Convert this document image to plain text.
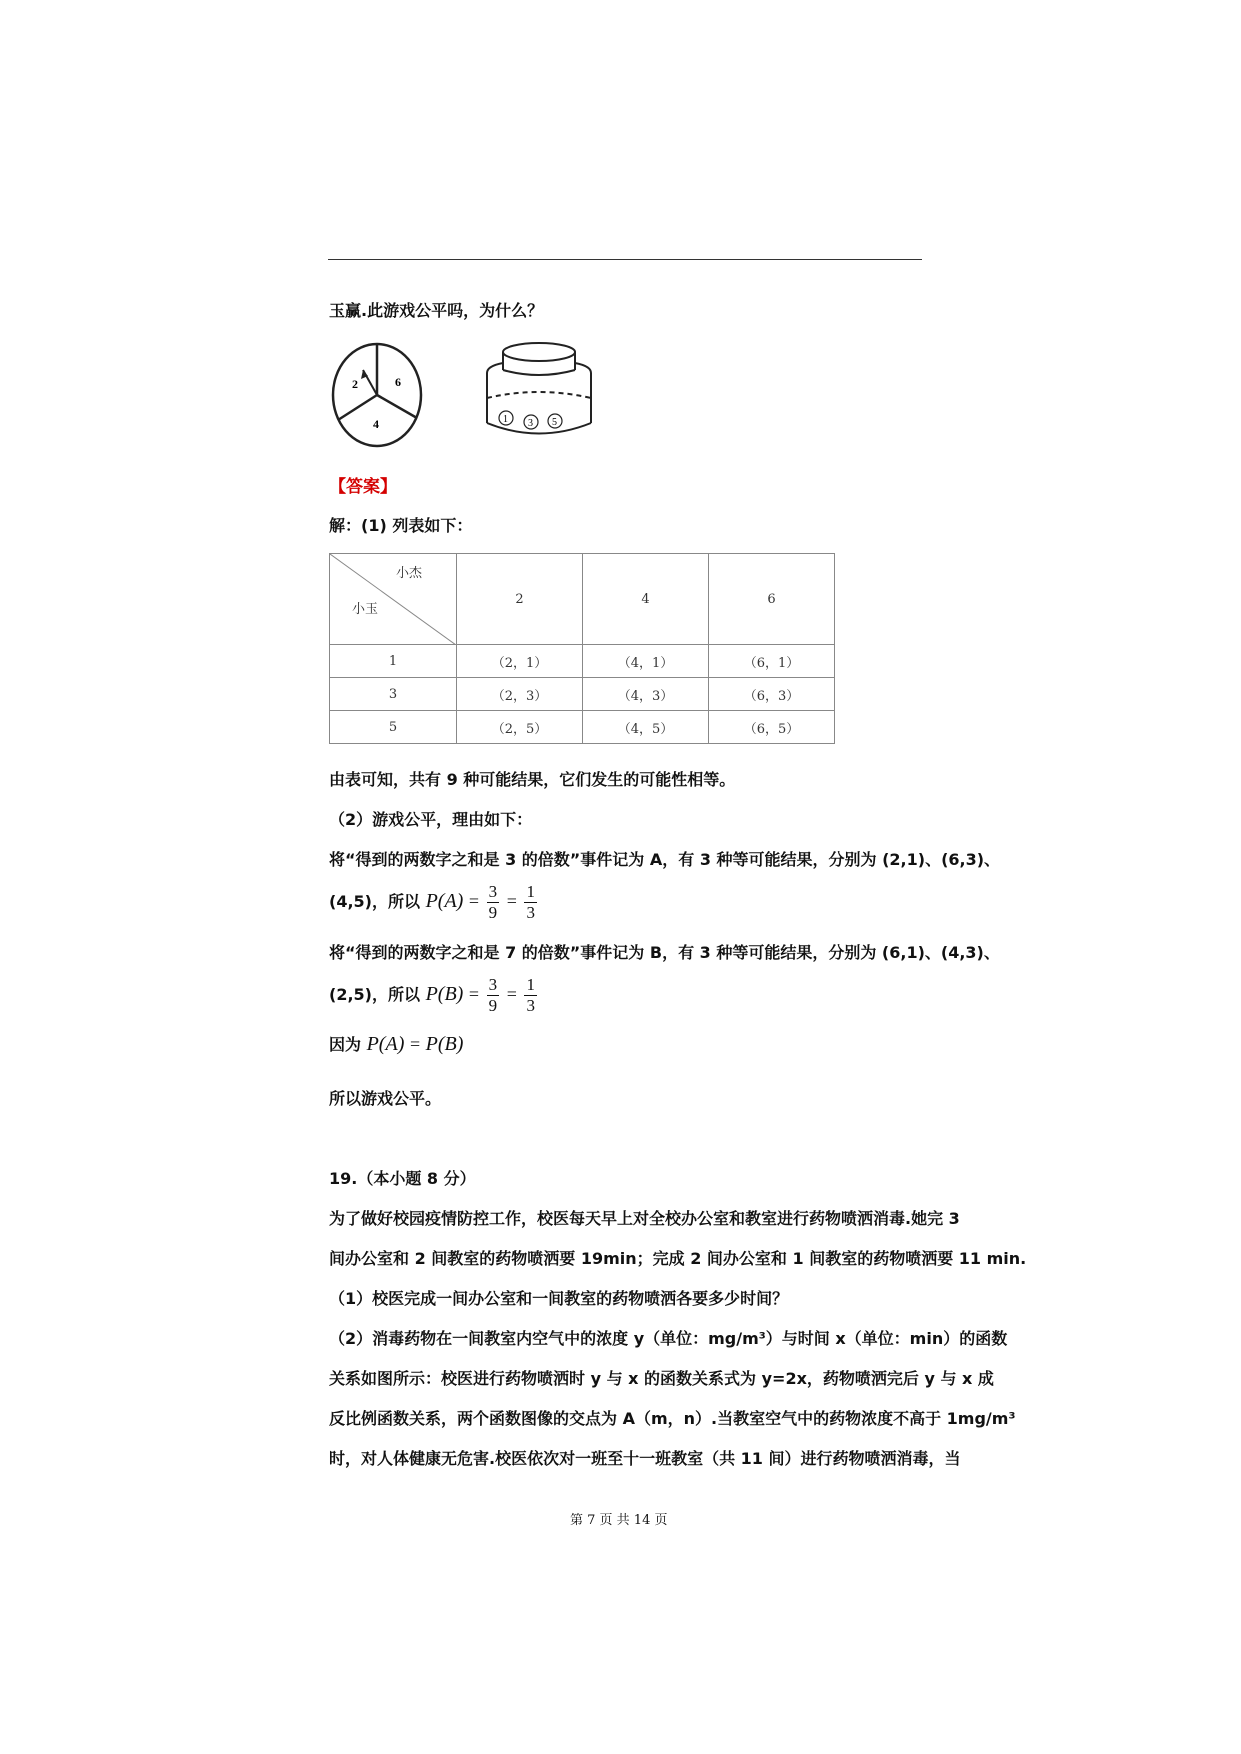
玉赢.此游戏公平吗，为什么？
2	6
4	1 3 5
【答案】
解：(1) 列表如下：
小杰
小玉	2	4	6
1	（2，1）	（4，1）	（6，1）
3	（2，3）	（4，3）	（6，3）
5	（2，5）	（4，5）	（6，5）
由表可知，共有 9 种可能结果，它们发生的可能性相等。
（2）游戏公平，理由如下：
将“得到的两数字之和是 3 的倍数”事件记为 A，有 3 种等可能结果，分别为 (2,1)、(6,3)、
(4,5)，所以 $P(A) = \frac{3}{9} = \frac{1}{3}$
将“得到的两数字之和是 7 的倍数”事件记为 B，有 3 种等可能结果，分别为 (6,1)、(4,3)、
(2,5)，所以 $P(B) = \frac{3}{9} = \frac{1}{3}$
因为 P(A) = P(B)
所以游戏公平。
19.（本小题 8 分）
为了做好校园疫情防控工作，校医每天早上对全校办公室和教室进行药物喷洒消毒.她完 3
间办公室和 2 间教室的药物喷洒要 19min；完成 2 间办公室和 1 间教室的药物喷洒要 11 min.
（1）校医完成一间办公室和一间教室的药物喷洒各要多少时间？
（2）消毒药物在一间教室内空气中的浓度 y（单位：mg/m³）与时间 x（单位：min）的函数
关系如图所示：校医进行药物喷洒时 y 与 x 的函数关系式为 y=2x，药物喷洒完后 y 与 x 成
反比例函数关系，两个函数图像的交点为 A（m，n）.当教室空气中的药物浓度不高于 1mg/m³
时，对人体健康无危害.校医依次对一班至十一班教室（共 11 间）进行药物喷洒消毒，当
第 7 页 共 14 页
